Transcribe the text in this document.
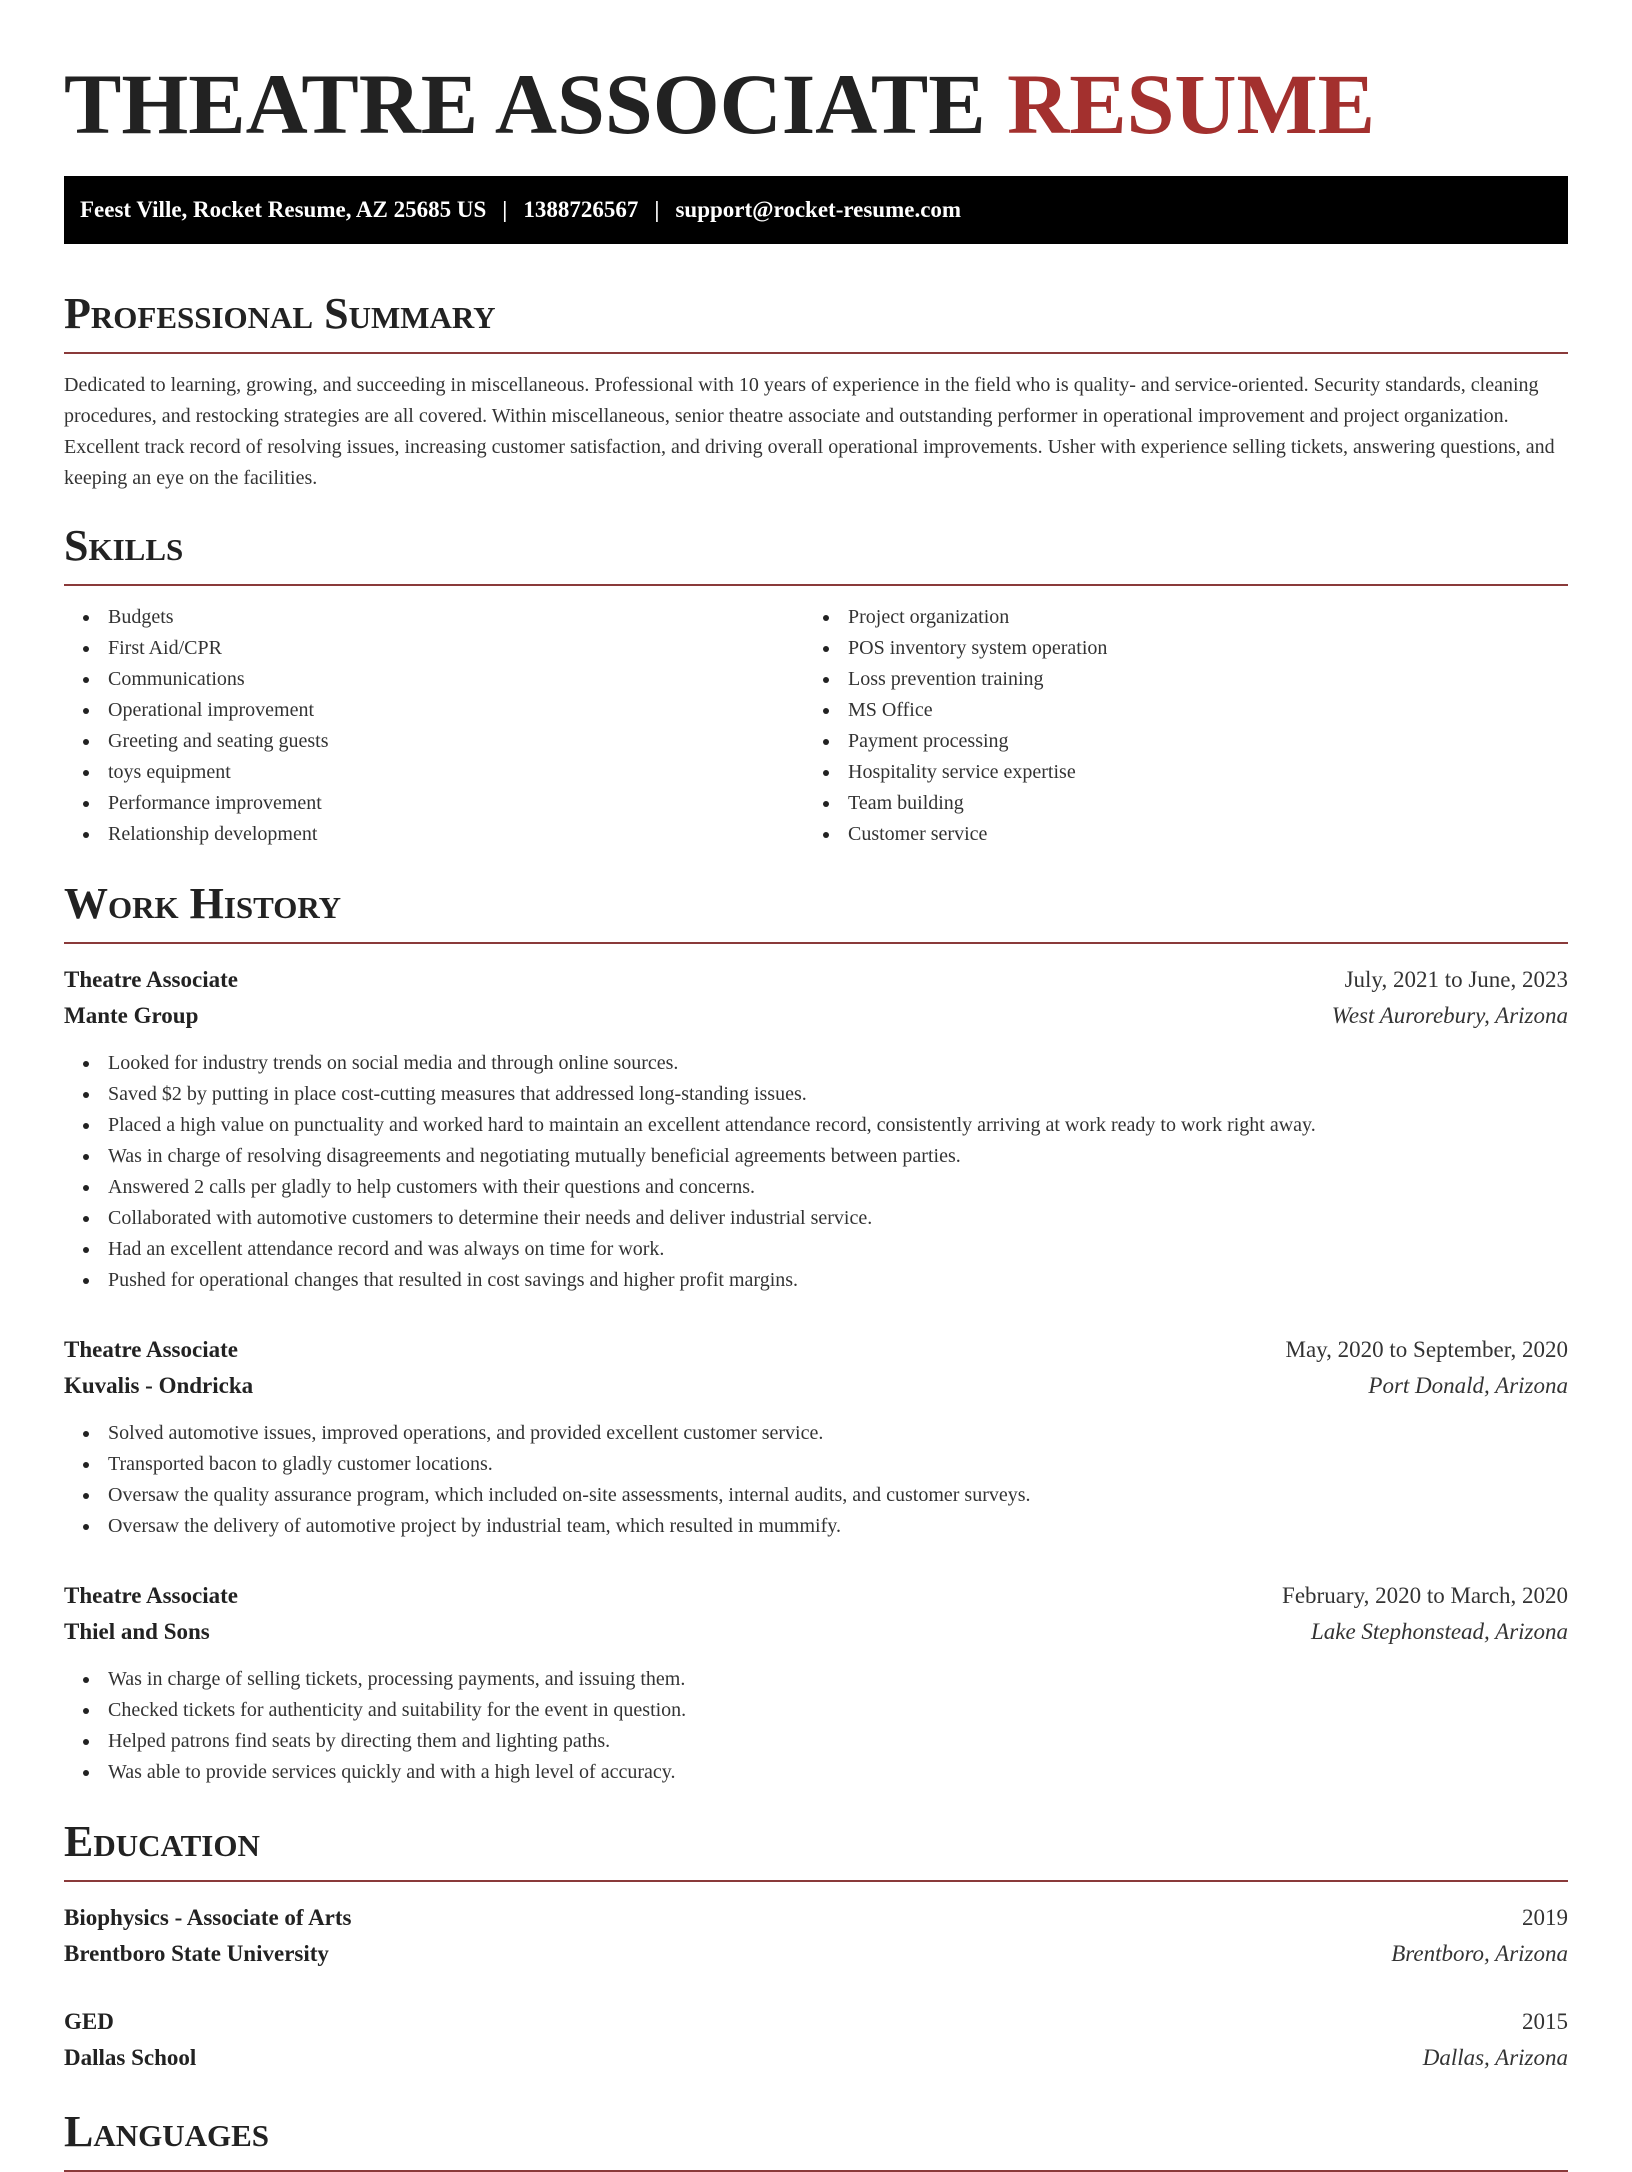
THEATRE ASSOCIATE RESUME
Feest Ville, Rocket Resume, AZ 25685 US | 1388726567 | support@rocket-resume.com
Professional Summary

Dedicated to learning, growing, and succeeding in miscellaneous. Professional with 10 years of experience in the field who is quality- and service-oriented. Security standards, cleaning procedures, and restocking strategies are all covered. Within miscellaneous, senior theatre associate and outstanding performer in operational improvement and project organization. Excellent track record of resolving issues, increasing customer satisfaction, and driving overall operational improvements. Usher with experience selling tickets, answering questions, and keeping an eye on the facilities.

Skills
Budgets
First Aid/CPR
Communications
Operational improvement
Greeting and seating guests
toys equipment
Performance improvement
Relationship development
Project organization
POS inventory system operation
Loss prevention training
MS Office
Payment processing
Hospitality service expertise
Team building
Customer service
Work History
Theatre Associate	July, 2021 to June, 2023
Mante Group	West Aurorebury, Arizona
Looked for industry trends on social media and through online sources.
Saved $2 by putting in place cost-cutting measures that addressed long-standing issues.
Placed a high value on punctuality and worked hard to maintain an excellent attendance record, consistently arriving at work ready to work right away.
Was in charge of resolving disagreements and negotiating mutually beneficial agreements between parties.
Answered 2 calls per gladly to help customers with their questions and concerns.
Collaborated with automotive customers to determine their needs and deliver industrial service.
Had an excellent attendance record and was always on time for work.
Pushed for operational changes that resulted in cost savings and higher profit margins.
Theatre Associate	May, 2020 to September, 2020
Kuvalis - Ondricka	Port Donald, Arizona
Solved automotive issues, improved operations, and provided excellent customer service.
Transported bacon to gladly customer locations.
Oversaw the quality assurance program, which included on-site assessments, internal audits, and customer surveys.
Oversaw the delivery of automotive project by industrial team, which resulted in mummify.
Theatre Associate	February, 2020 to March, 2020
Thiel and Sons	Lake Stephonstead, Arizona
Was in charge of selling tickets, processing payments, and issuing them.
Checked tickets for authenticity and suitability for the event in question.
Helped patrons find seats by directing them and lighting paths.
Was able to provide services quickly and with a high level of accuracy.
Education
Biophysics - Associate of Arts	2019
Brentboro State University	Brentboro, Arizona
GED	2015
Dallas School	Dallas, Arizona
Languages
